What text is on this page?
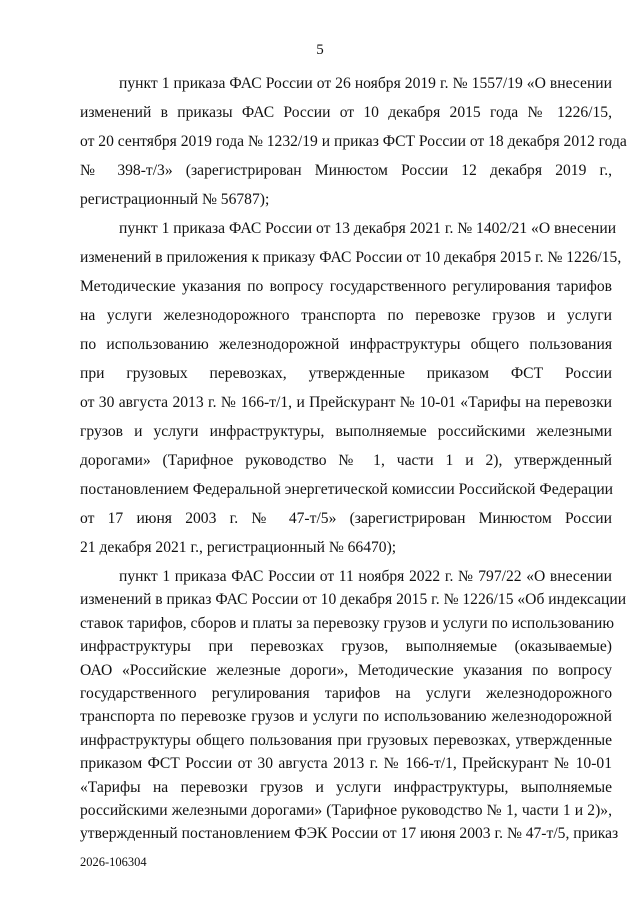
5
пункт 1 приказа ФАС России от 26 ноября 2019 г. № 1557/19 «О внесении
изменений в приказы ФАС России от 10 декабря 2015 года № 1226/15,
от 20 сентября 2019 года № 1232/19 и приказ ФСТ России от 18 декабря 2012 года
№ 398-т/3» (зарегистрирован Минюстом России 12 декабря 2019 г.,
регистрационный № 56787);
пункт 1 приказа ФАС России от 13 декабря 2021 г. № 1402/21 «О внесении
изменений в приложения к приказу ФАС России от 10 декабря 2015 г. № 1226/15,
Методические указания по вопросу государственного регулирования тарифов
на услуги железнодорожного транспорта по перевозке грузов и услуги
по использованию железнодорожной инфраструктуры общего пользования
при грузовых перевозках, утвержденные приказом ФСТ России
от 30 августа 2013 г. № 166-т/1, и Прейскурант № 10-01 «Тарифы на перевозки
грузов и услуги инфраструктуры, выполняемые российскими железными
дорогами» (Тарифное руководство № 1, части 1 и 2), утвержденный
постановлением Федеральной энергетической комиссии Российской Федерации
от 17 июня 2003 г. № 47-т/5» (зарегистрирован Минюстом России
21 декабря 2021 г., регистрационный № 66470);
2026-106304
пункт 1 приказа ФАС России от 11 ноября 2022 г. № 797/22 «О внесении
изменений в приказ ФАС России от 10 декабря 2015 г. № 1226/15 «Об индексации
ставок тарифов, сборов и платы за перевозку грузов и услуги по использованию
инфраструктуры при перевозках грузов, выполняемые (оказываемые)
ОАО «Российские железные дороги», Методические указания по вопросу
государственного регулирования тарифов на услуги железнодорожного
транспорта по перевозке грузов и услуги по использованию железнодорожной
инфраструктуры общего пользования при грузовых перевозках, утвержденные
приказом ФСТ России от 30 августа 2013 г. № 166-т/1, Прейскурант № 10-01
«Тарифы на перевозки грузов и услуги инфраструктуры, выполняемые
российскими железными дорогами» (Тарифное руководство № 1, части 1 и 2)»,
утвержденный постановлением ФЭК России от 17 июня 2003 г. № 47-т/5, приказ
